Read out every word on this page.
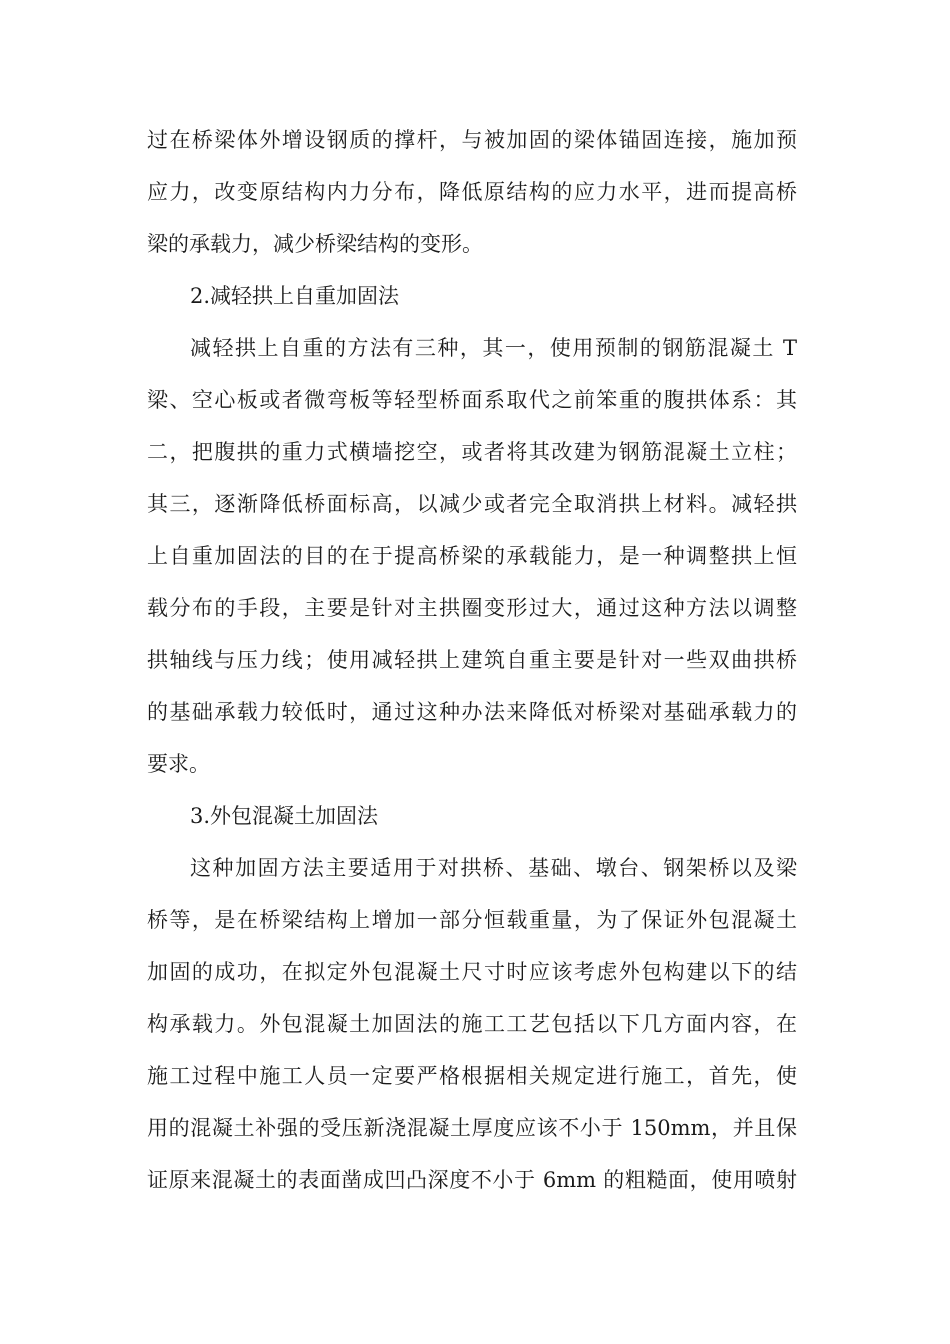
过在桥梁体外增设钢质的撑杆，与被加固的梁体锚固连接，施加预
应力，改变原结构内力分布，降低原结构的应力水平，进而提高桥
梁的承载力，减少桥梁结构的变形。
2.减轻拱上自重加固法
减轻拱上自重的方法有三种，其一，使用预制的钢筋混凝土 T
梁、空心板或者微弯板等轻型桥面系取代之前笨重的腹拱体系：其
二，把腹拱的重力式横墙挖空，或者将其改建为钢筋混凝土立柱；
其三，逐渐降低桥面标高，以减少或者完全取消拱上材料。减轻拱
上自重加固法的目的在于提高桥梁的承载能力，是一种调整拱上恒
载分布的手段，主要是针对主拱圈变形过大，通过这种方法以调整
拱轴线与压力线；使用减轻拱上建筑自重主要是针对一些双曲拱桥
的基础承载力较低时，通过这种办法来降低对桥梁对基础承载力的
要求。
3.外包混凝土加固法
这种加固方法主要适用于对拱桥、基础、墩台、钢架桥以及梁
桥等，是在桥梁结构上增加一部分恒载重量，为了保证外包混凝土
加固的成功，在拟定外包混凝土尺寸时应该考虑外包构建以下的结
构承载力。外包混凝土加固法的施工工艺包括以下几方面内容，在
施工过程中施工人员一定要严格根据相关规定进行施工，首先，使
用的混凝土补强的受压新浇混凝土厚度应该不小于 150mm，并且保
证原来混凝土的表面凿成凹凸深度不小于 6mm 的粗糙面，使用喷射
